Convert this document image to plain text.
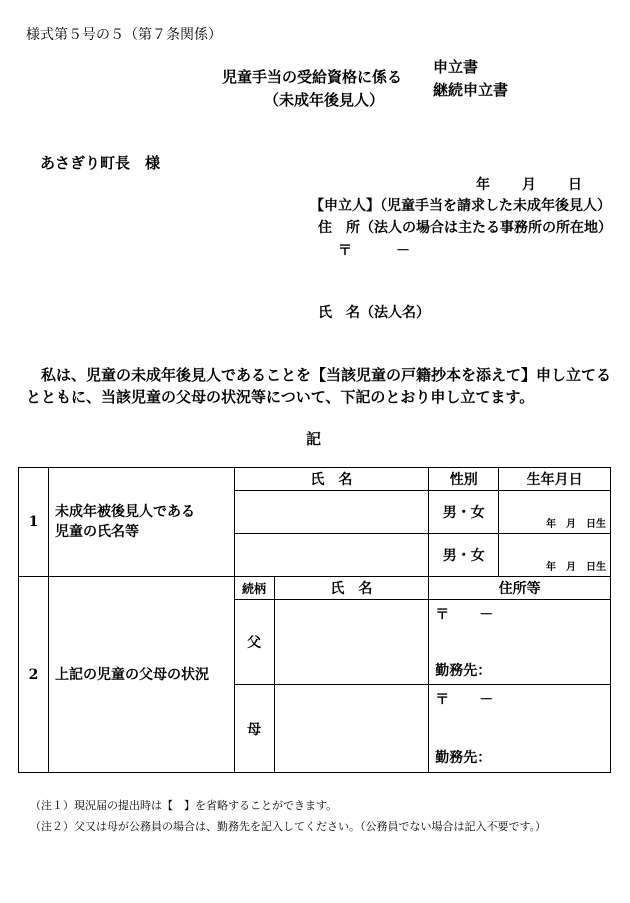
様式第５号の５（第７条関係）
児童手当の受給資格に係る
（未成年後見人）
申立書
継続申立書
あさぎり町長　様
年 月 日
【申立人】（児童手当を請求した未成年後見人）
住　所（法人の場合は主たる事務所の所在地）
〒	－
氏　名（法人名）
私は、児童の未成年後見人であることを【当該児童の戸籍抄本を添えて】申し立てるとともに、当該児童の父母の状況等について、下記のとおり申し立てます。
記
1	未成年被後見人である
児童の氏名等	氏　名		性別	生年月日
				男・女	年　月　日生
				男・女	年　月　日生
2	上記の児童の父母の状況	続柄	氏　名	住所等	
		父		〒 －
勤務先：	

		母		〒 －
勤務先：	
（注１）現況届の提出時は【　】を省略することができます。
（注２）父又は母が公務員の場合は、勤務先を記入してください。（公務員でない場合は記入不要です。）
